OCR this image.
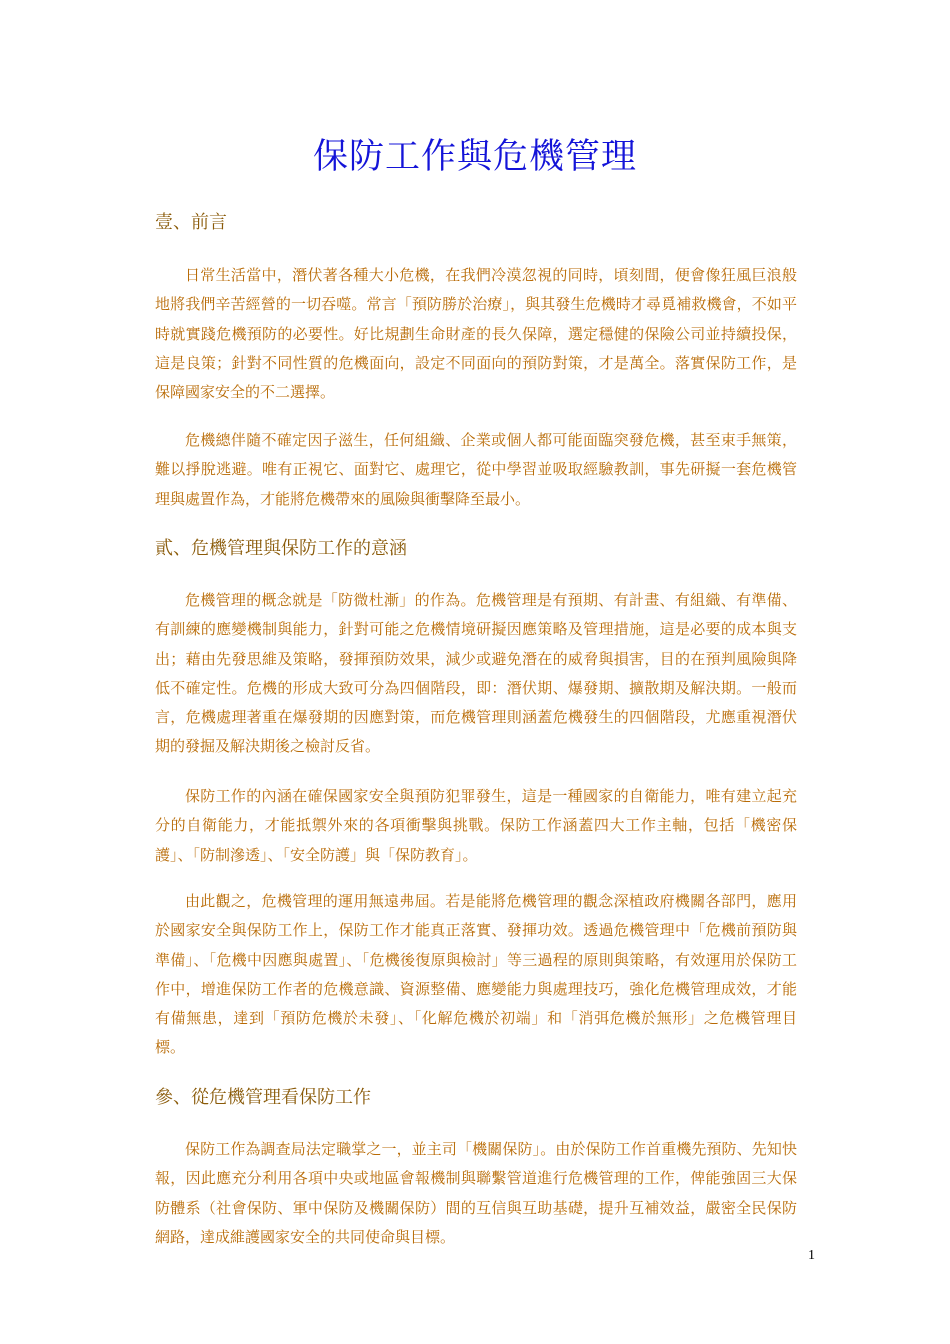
保防工作與危機管理
壹、前言

日常生活當中，潛伏著各種大小危機，在我們冷漠忽視的同時，頃刻間，便會像狂風巨浪般地將我們辛苦經營的一切吞噬。常言「預防勝於治療」，與其發生危機時才尋覓補救機會，不如平時就實踐危機預防的必要性。好比規劃生命財產的長久保障，選定穩健的保險公司並持續投保，這是良策；針對不同性質的危機面向，設定不同面向的預防對策，才是萬全。落實保防工作，是保障國家安全的不二選擇。

危機總伴隨不確定因子滋生，任何組織、企業或個人都可能面臨突發危機，甚至束手無策，難以掙脫逃避。唯有正視它、面對它、處理它，從中學習並吸取經驗教訓，事先研擬一套危機管理與處置作為，才能將危機帶來的風險與衝擊降至最小。

貳、危機管理與保防工作的意涵

危機管理的概念就是「防微杜漸」的作為。危機管理是有預期、有計畫、有組織、有準備、有訓練的應變機制與能力，針對可能之危機情境研擬因應策略及管理措施，這是必要的成本與支出；藉由先發思維及策略，發揮預防效果，減少或避免潛在的威脅與損害，目的在預判風險與降低不確定性。危機的形成大致可分為四個階段，即：潛伏期、爆發期、擴散期及解決期。一般而言，危機處理著重在爆發期的因應對策，而危機管理則涵蓋危機發生的四個階段，尤應重視潛伏期的發掘及解決期後之檢討反省。

保防工作的內涵在確保國家安全與預防犯罪發生，這是一種國家的自衛能力，唯有建立起充分的自衛能力，才能抵禦外來的各項衝擊與挑戰。保防工作涵蓋四大工作主軸，包括「機密保護」、「防制滲透」、「安全防護」與「保防教育」。

由此觀之，危機管理的運用無遠弗屆。若是能將危機管理的觀念深植政府機關各部門，應用於國家安全與保防工作上，保防工作才能真正落實、發揮功效。透過危機管理中「危機前預防與準備」、「危機中因應與處置」、「危機後復原與檢討」等三過程的原則與策略，有效運用於保防工作中，增進保防工作者的危機意識、資源整備、應變能力與處理技巧，強化危機管理成效，才能有備無患，達到「預防危機於未發」、「化解危機於初端」和「消弭危機於無形」之危機管理目標。

參、從危機管理看保防工作

保防工作為調查局法定職掌之一，並主司「機關保防」。由於保防工作首重機先預防、先知快報，因此應充分利用各項中央或地區會報機制與聯繫管道進行危機管理的工作，俾能強固三大保防體系（社會保防、軍中保防及機關保防）間的互信與互助基礎，提升互補效益，嚴密全民保防網路，達成維護國家安全的共同使命與目標。

1
